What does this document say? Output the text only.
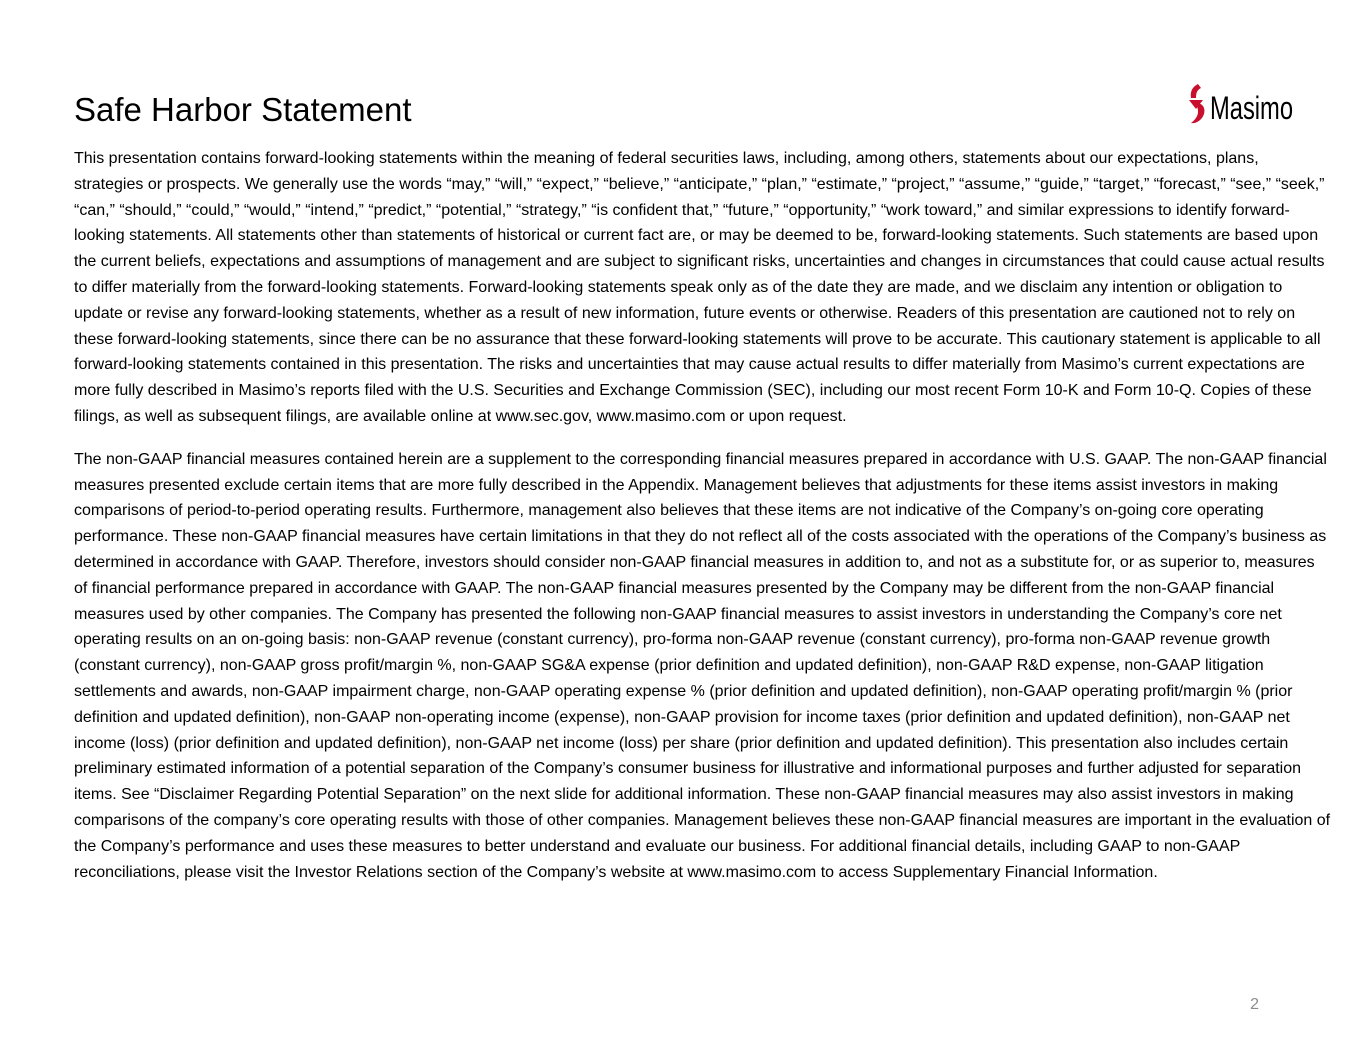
Safe Harbor Statement	Masimo

This presentation contains forward-looking statements within the meaning of federal securities laws, including, among others, statements about our expectations, plans, strategies or prospects. We generally use the words “may,” “will,” “expect,” “believe,” “anticipate,” “plan,” “estimate,” “project,” “assume,” “guide,” “target,” “forecast,” “see,” “seek,” “can,” “should,” “could,” “would,” “intend,” “predict,” “potential,” “strategy,” “is confident that,” “future,” “opportunity,” “work toward,” and similar expressions to identify forward-looking statements. All statements other than statements of historical or current fact are, or may be deemed to be, forward-looking statements. Such statements are based upon the current beliefs, expectations and assumptions of management and are subject to significant risks, uncertainties and changes in circumstances that could cause actual results to differ materially from the forward-looking statements. Forward-looking statements speak only as of the date they are made, and we disclaim any intention or obligation to update or revise any forward-looking statements, whether as a result of new information, future events or otherwise. Readers of this presentation are cautioned not to rely on these forward-looking statements, since there can be no assurance that these forward-looking statements will prove to be accurate. This cautionary statement is applicable to all forward-looking statements contained in this presentation. The risks and uncertainties that may cause actual results to differ materially from Masimo’s current expectations are more fully described in Masimo’s reports filed with the U.S. Securities and Exchange Commission (SEC), including our most recent Form 10-K and Form 10-Q. Copies of these filings, as well as subsequent filings, are available online at www.sec.gov, www.masimo.com or upon request.

The non-GAAP financial measures contained herein are a supplement to the corresponding financial measures prepared in accordance with U.S. GAAP. The non-GAAP financial measures presented exclude certain items that are more fully described in the Appendix. Management believes that adjustments for these items assist investors in making comparisons of period-to-period operating results. Furthermore, management also believes that these items are not indicative of the Company’s on-going core operating performance. These non-GAAP financial measures have certain limitations in that they do not reflect all of the costs associated with the operations of the Company’s business as determined in accordance with GAAP. Therefore, investors should consider non-GAAP financial measures in addition to, and not as a substitute for, or as superior to, measures of financial performance prepared in accordance with GAAP. The non-GAAP financial measures presented by the Company may be different from the non-GAAP financial measures used by other companies. The Company has presented the following non-GAAP financial measures to assist investors in understanding the Company’s core net operating results on an on-going basis: non-GAAP revenue (constant currency), pro-forma non-GAAP revenue (constant currency), pro-forma non-GAAP revenue growth (constant currency), non-GAAP gross profit/margin %, non-GAAP SG&A expense (prior definition and updated definition), non-GAAP R&D expense, non-GAAP litigation settlements and awards, non-GAAP impairment charge, non-GAAP operating expense % (prior definition and updated definition), non-GAAP operating profit/margin % (prior definition and updated definition), non-GAAP non-operating income (expense), non-GAAP provision for income taxes (prior definition and updated definition), non-GAAP net income (loss) (prior definition and updated definition), non-GAAP net income (loss) per share (prior definition and updated definition). This presentation also includes certain preliminary estimated information of a potential separation of the Company’s consumer business for illustrative and informational purposes and further adjusted for separation items. See “Disclaimer Regarding Potential Separation” on the next slide for additional information. These non-GAAP financial measures may also assist investors in making comparisons of the company’s core operating results with those of other companies. Management believes these non-GAAP financial measures are important in the evaluation of the Company’s performance and uses these measures to better understand and evaluate our business. For additional financial details, including GAAP to non-GAAP reconciliations, please visit the Investor Relations section of the Company’s website at www.masimo.com to access Supplementary Financial Information.

2
